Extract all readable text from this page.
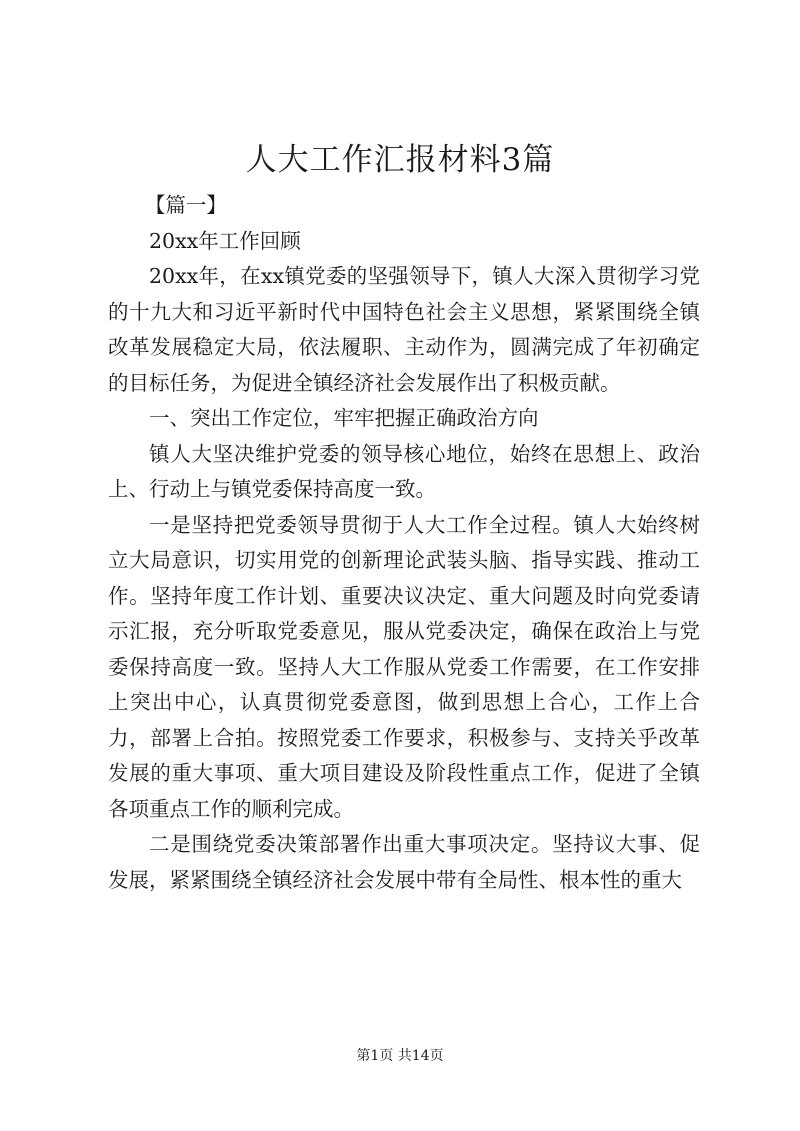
人大工作汇报材料3篇

【篇一】

20xx年工作回顾

20xx年，在xx镇党委的坚强领导下，镇人大深入贯彻学习党的十九大和习近平新时代中国特色社会主义思想，紧紧围绕全镇改革发展稳定大局，依法履职、主动作为，圆满完成了年初确定的目标任务，为促进全镇经济社会发展作出了积极贡献。

一、突出工作定位，牢牢把握正确政治方向

镇人大坚决维护党委的领导核心地位，始终在思想上、政治上、行动上与镇党委保持高度一致。

一是坚持把党委领导贯彻于人大工作全过程。镇人大始终树立大局意识，切实用党的创新理论武装头脑、指导实践、推动工作。坚持年度工作计划、重要决议决定、重大问题及时向党委请示汇报，充分听取党委意见，服从党委决定，确保在政治上与党委保持高度一致。坚持人大工作服从党委工作需要，在工作安排上突出中心，认真贯彻党委意图，做到思想上合心，工作上合力，部署上合拍。按照党委工作要求，积极参与、支持关乎改革发展的重大事项、重大项目建设及阶段性重点工作，促进了全镇各项重点工作的顺利完成。

二是围绕党委决策部署作出重大事项决定。坚持议大事、促发展，紧紧围绕全镇经济社会发展中带有全局性、根本性的重大

第1页 共14页
